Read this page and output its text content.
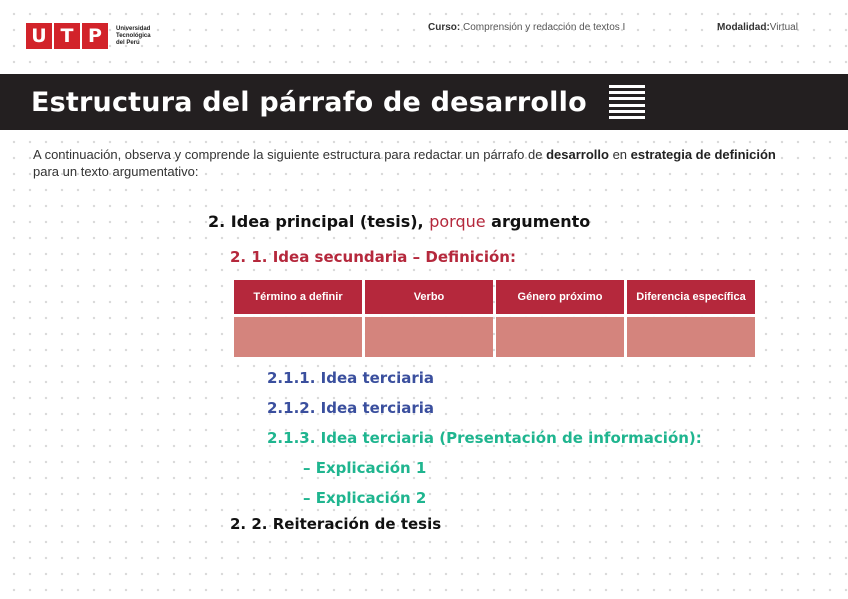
U T P	Universidad Tecnológica del Perú
Curso: Comprensión y redacción de textos I	Modalidad:Virtual
Estructura del párrafo de desarrollo
A continuación, observa y comprende la siguiente estructura para redactar un párrafo de desarrollo en estrategia de definición para un texto argumentativo:
2. Idea principal (tesis), porque argumento
2. 1. Idea secundaria – Definición:
Término a definir	Verbo	Género próximo	Diferencia específica

2.1.1. Idea terciaria
2.1.2. Idea terciaria
2.1.3. Idea terciaria (Presentación de información):
– Explicación 1
– Explicación 2
2. 2. Reiteración de tesis
